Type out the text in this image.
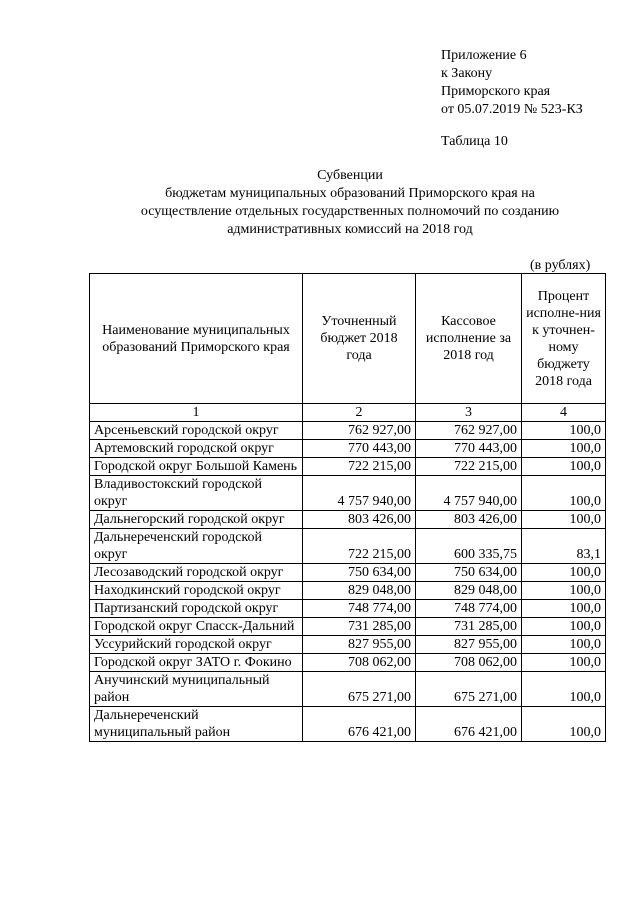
Приложение 6
к Закону
Приморского края
от 05.07.2019 № 523-КЗ
Таблица 10
Субвенции
бюджетам муниципальных образований Приморского края на
осуществление отдельных государственных полномочий по созданию
административных комиссий на 2018 год
(в рублях)
Наименование муниципальных образований Приморского края	Уточненный бюджет 2018 года	Кассовое исполнение за 2018 год	Процент исполне-ния к уточнен-ному бюджету 2018 года
1	2	3	4
Арсеньевский городской округ	762 927,00	762 927,00	100,0
Артемовский городской округ	770 443,00	770 443,00	100,0
Городской округ Большой Камень	722 215,00	722 215,00	100,0
Владивостокский городской округ	4 757 940,00	4 757 940,00	100,0
Дальнегорский городской округ	803 426,00	803 426,00	100,0
Дальнереченский городской округ	722 215,00	600 335,75	83,1
Лесозаводский городской округ	750 634,00	750 634,00	100,0
Находкинский городской округ	829 048,00	829 048,00	100,0
Партизанский городской округ	748 774,00	748 774,00	100,0
Городской округ Спасск-Дальний	731 285,00	731 285,00	100,0
Уссурийский городской округ	827 955,00	827 955,00	100,0
Городской округ ЗАТО г. Фокино	708 062,00	708 062,00	100,0
Анучинский муниципальный район	675 271,00	675 271,00	100,0
Дальнереченский муниципальный район	676 421,00	676 421,00	100,0
